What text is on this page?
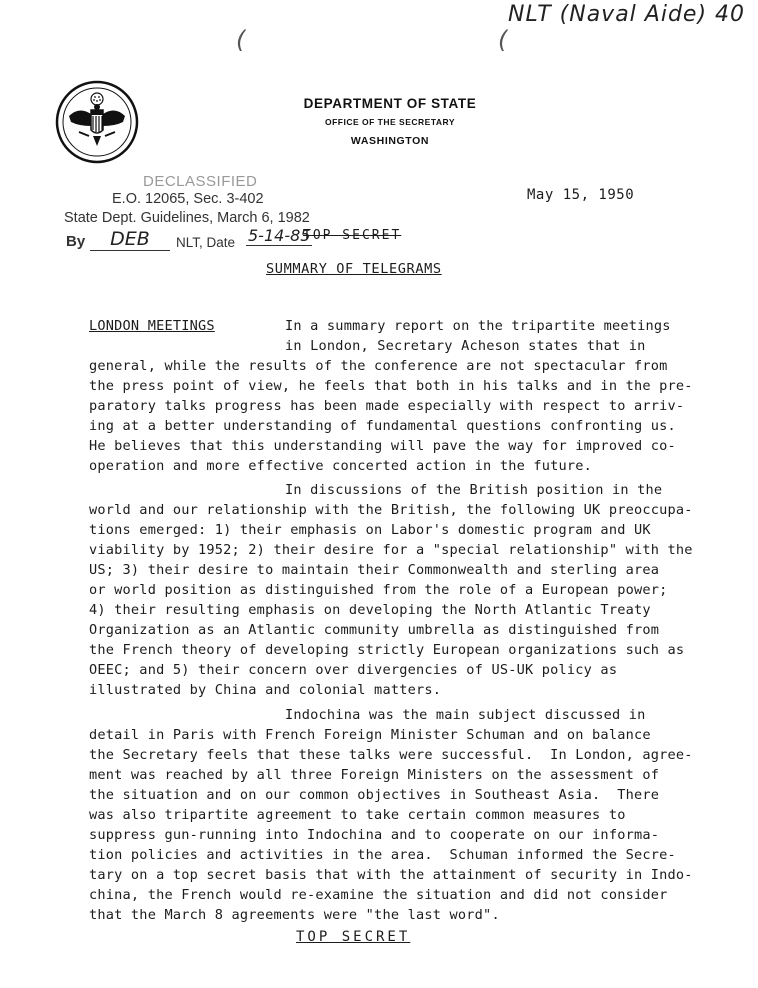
NLT (Naval Aide) 40
(	(
DEPARTMENT OF STATE
OFFICE OF THE SECRETARY
WASHINGTON
DECLASSIFIED
E.O. 12065, Sec. 3-402
State Dept. Guidelines, March 6, 1982
By	DEB	NLT, Date 5-14-85
May 15, 1950
TOP SECRET
SUMMARY OF TELEGRAMS
LONDON MEETINGS	In a summary report on the tripartite meetings
in London, Secretary Acheson states that in
general, while the results of the conference are not spectacular from
the press point of view, he feels that both in his talks and in the pre-
paratory talks progress has been made especially with respect to arriv-
ing at a better understanding of fundamental questions confronting us.
He believes that this understanding will pave the way for improved co-
operation and more effective concerted action in the future.
In discussions of the British position in the
world and our relationship with the British, the following UK preoccupa-
tions emerged: 1) their emphasis on Labor's domestic program and UK
viability by 1952; 2) their desire for a "special relationship" with the
US; 3) their desire to maintain their Commonwealth and sterling area
or world position as distinguished from the role of a European power;
4) their resulting emphasis on developing the North Atlantic Treaty
Organization as an Atlantic community umbrella as distinguished from
the French theory of developing strictly European organizations such as
OEEC; and 5) their concern over divergencies of US-UK policy as
illustrated by China and colonial matters.
Indochina was the main subject discussed in
detail in Paris with French Foreign Minister Schuman and on balance
the Secretary feels that these talks were successful.  In London, agree-
ment was reached by all three Foreign Ministers on the assessment of
the situation and on our common objectives in Southeast Asia.  There
was also tripartite agreement to take certain common measures to
suppress gun-running into Indochina and to cooperate on our informa-
tion policies and activities in the area.  Schuman informed the Secre-
tary on a top secret basis that with the attainment of security in Indo-
china, the French would re-examine the situation and did not consider
that the March 8 agreements were "the last word".
TOP SECRET
